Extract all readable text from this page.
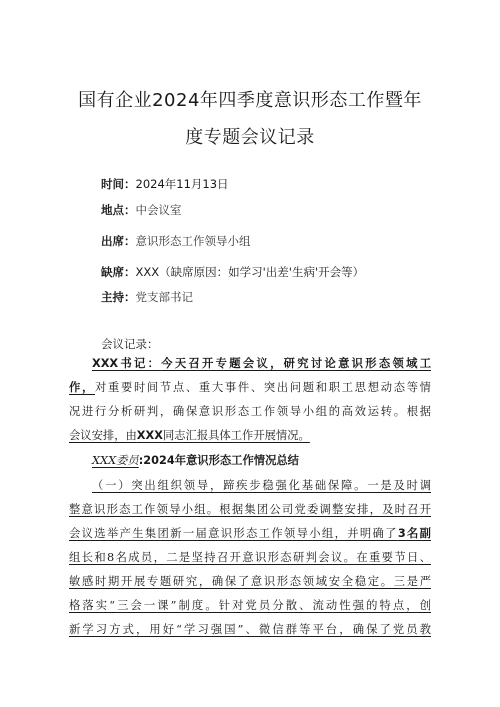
国有企业2024年四季度意识形态工作暨年
度专题会议记录
时间：2024年11月13日
地点：中会议室
出席：意识形态工作领导小组
缺席：XXX（缺席原因：如学习'出差'生病'开会等）
主持：党支部书记
会议记录：
XXX书记：今天召开专题会议，研究讨论意识形态领域工
作，对重要时间节点、重大事件、突出问题和职工思想动态等情
况进行分析研判，确保意识形态工作领导小组的高效运转。根据
会议安排，由XXX同志汇报具体工作开展情况。
XXX委员:2024年意识形态工作情况总结
（一）突出组织领导，蹄疾步稳强化基础保障。一是及时调
整意识形态工作领导小组。根据集团公司党委调整安排，及时召开
会议选举产生集团新一届意识形态工作领导小组，并明确了3名副
组长和8名成员，二是坚持召开意识形态研判会议。在重要节日、
敏感时期开展专题研究，确保了意识形态领域安全稳定。三是严
格落实“三会一课”制度。针对党员分散、流动性强的特点，创
新学习方式，用好“学习强国”、微信群等平台，确保了党员教
